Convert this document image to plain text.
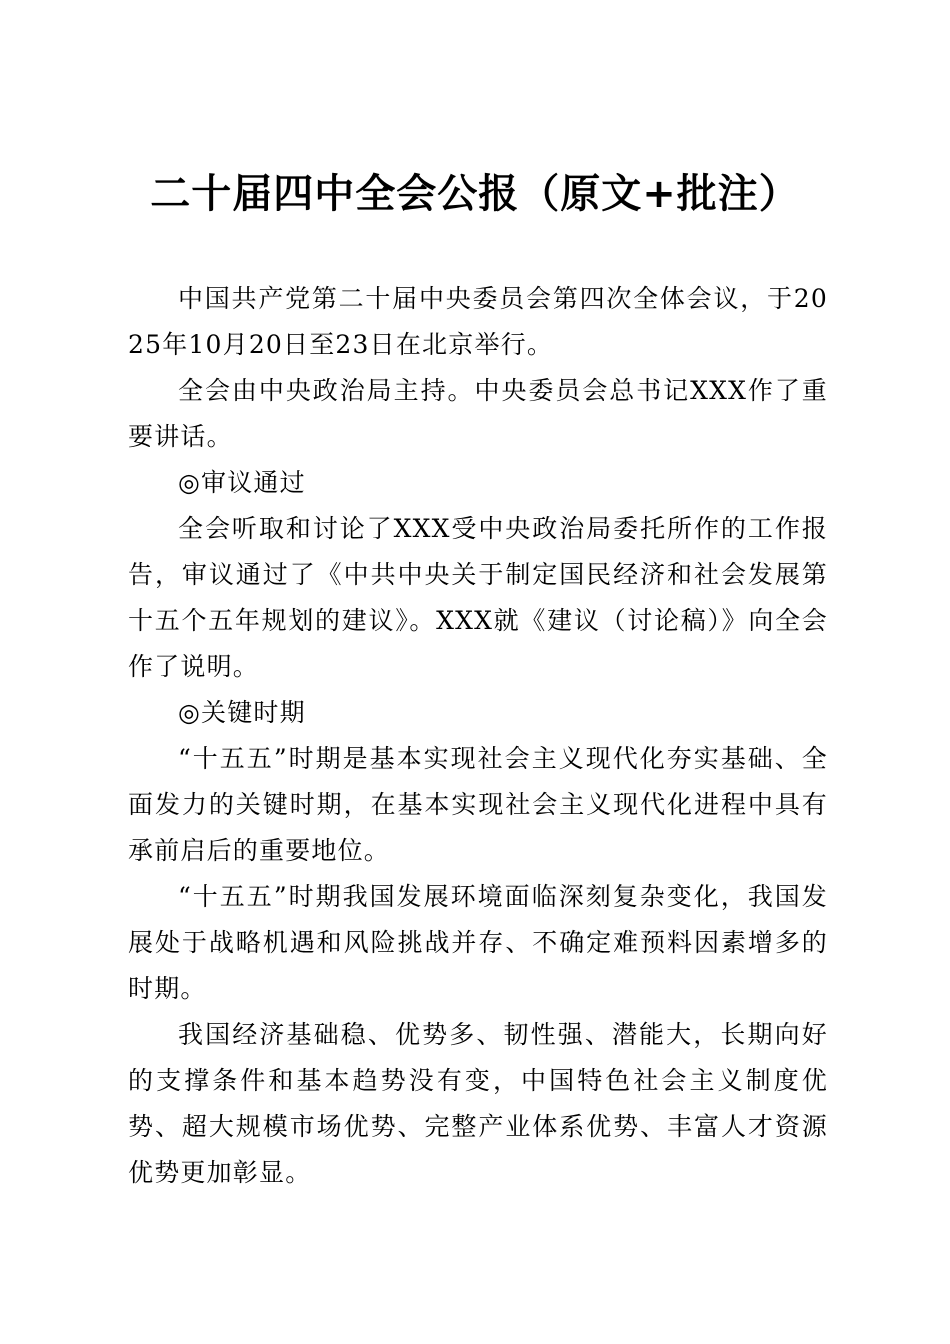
二十届四中全会公报（原文+批注）

中国共产党第二十届中央委员会第四次全体会议，于2025年10月20日至23日在北京举行。

全会由中央政治局主持。中央委员会总书记XXX作了重要讲话。

◎审议通过

全会听取和讨论了XXX受中央政治局委托所作的工作报告，审议通过了《中共中央关于制定国民经济和社会发展第十五个五年规划的建议》。XXX就《建议（讨论稿）》向全会作了说明。

◎关键时期

“十五五”时期是基本实现社会主义现代化夯实基础、全面发力的关键时期，在基本实现社会主义现代化进程中具有承前启后的重要地位。

“十五五”时期我国发展环境面临深刻复杂变化，我国发展处于战略机遇和风险挑战并存、不确定难预料因素增多的时期。

我国经济基础稳、优势多、韧性强、潜能大，长期向好的支撑条件和基本趋势没有变，中国特色社会主义制度优势、超大规模市场优势、完整产业体系优势、丰富人才资源优势更加彰显。
